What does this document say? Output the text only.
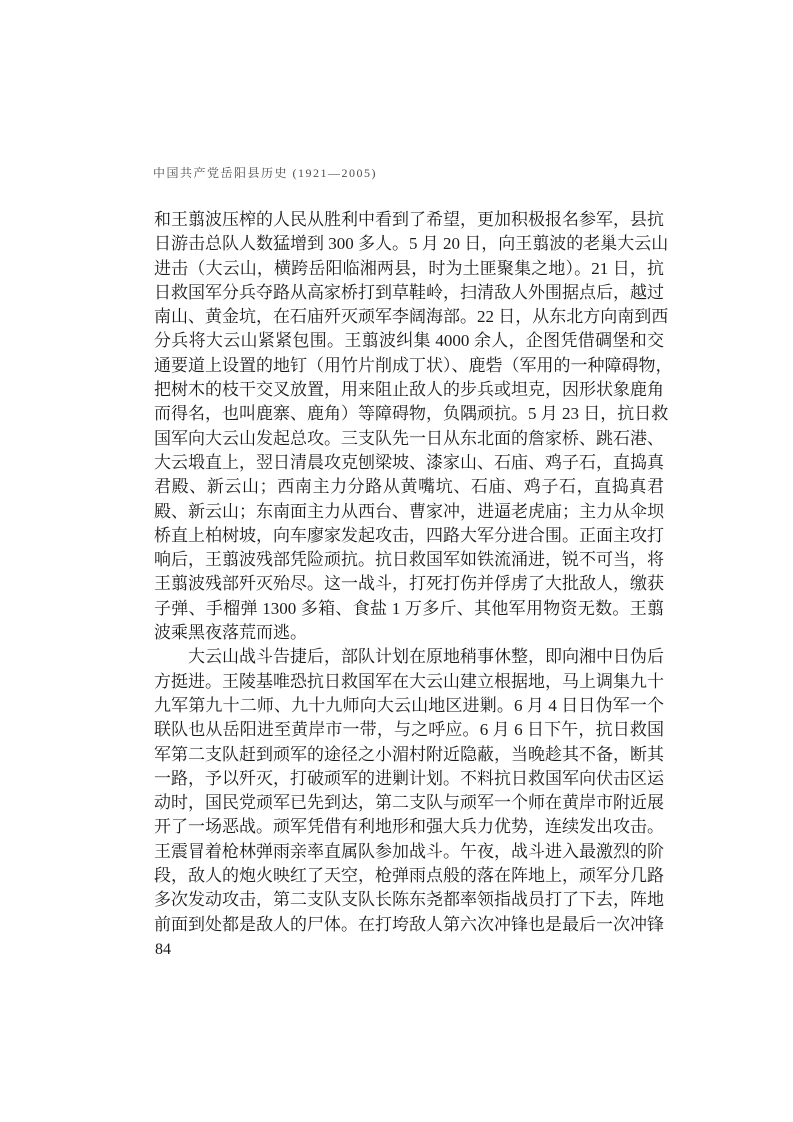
中国共产党岳阳县历史 (1921—2005)
和王翦波压榨的人民从胜利中看到了希望，更加积极报名参军，县抗
日游击总队人数猛增到 300 多人。5 月 20 日，向王翦波的老巢大云山
进击（大云山，横跨岳阳临湘两县，时为土匪聚集之地）。21 日，抗
日救国军分兵夺路从高家桥打到草鞋岭，扫清敌人外围据点后，越过
南山、黄金坑，在石庙歼灭顽军李阔海部。22 日，从东北方向南到西
分兵将大云山紧紧包围。王翦波纠集 4000 余人，企图凭借碉堡和交
通要道上设置的地钉（用竹片削成丁状）、鹿砦（军用的一种障碍物，
把树木的枝干交叉放置，用来阻止敌人的步兵或坦克，因形状象鹿角
而得名，也叫鹿寨、鹿角）等障碍物，负隅顽抗。5 月 23 日，抗日救
国军向大云山发起总攻。三支队先一日从东北面的詹家桥、跳石港、
大云塅直上，翌日清晨攻克刨梁坡、漆家山、石庙、鸡子石，直捣真
君殿、新云山；西南主力分路从黄嘴坑、石庙、鸡子石，直捣真君
殿、新云山；东南面主力从西台、曹家冲，进逼老虎庙；主力从伞坝
桥直上柏树坡，向车廖家发起攻击，四路大军分进合围。正面主攻打
响后，王翦波残部凭险顽抗。抗日救国军如铁流涌进，锐不可当，将
王翦波残部歼灭殆尽。这一战斗，打死打伤并俘虏了大批敌人，缴获
子弹、手榴弹 1300 多箱、食盐 1 万多斤、其他军用物资无数。王翦
波乘黑夜落荒而逃。
大云山战斗告捷后，部队计划在原地稍事休整，即向湘中日伪后
方挺进。王陵基唯恐抗日救国军在大云山建立根据地，马上调集九十
九军第九十二师、九十九师向大云山地区进剿。6 月 4 日日伪军一个
联队也从岳阳进至黄岸市一带，与之呼应。6 月 6 日下午，抗日救国
军第二支队赶到顽军的途径之小湄村附近隐蔽，当晚趁其不备，断其
一路，予以歼灭，打破顽军的进剿计划。不料抗日救国军向伏击区运
动时，国民党顽军已先到达，第二支队与顽军一个师在黄岸市附近展
开了一场恶战。顽军凭借有利地形和强大兵力优势，连续发出攻击。
王震冒着枪林弹雨亲率直属队参加战斗。午夜，战斗进入最激烈的阶
段，敌人的炮火映红了天空，枪弹雨点般的落在阵地上，顽军分几路
多次发动攻击，第二支队支队长陈东尧都率领指战员打了下去，阵地
前面到处都是敌人的尸体。在打垮敌人第六次冲锋也是最后一次冲锋
84
